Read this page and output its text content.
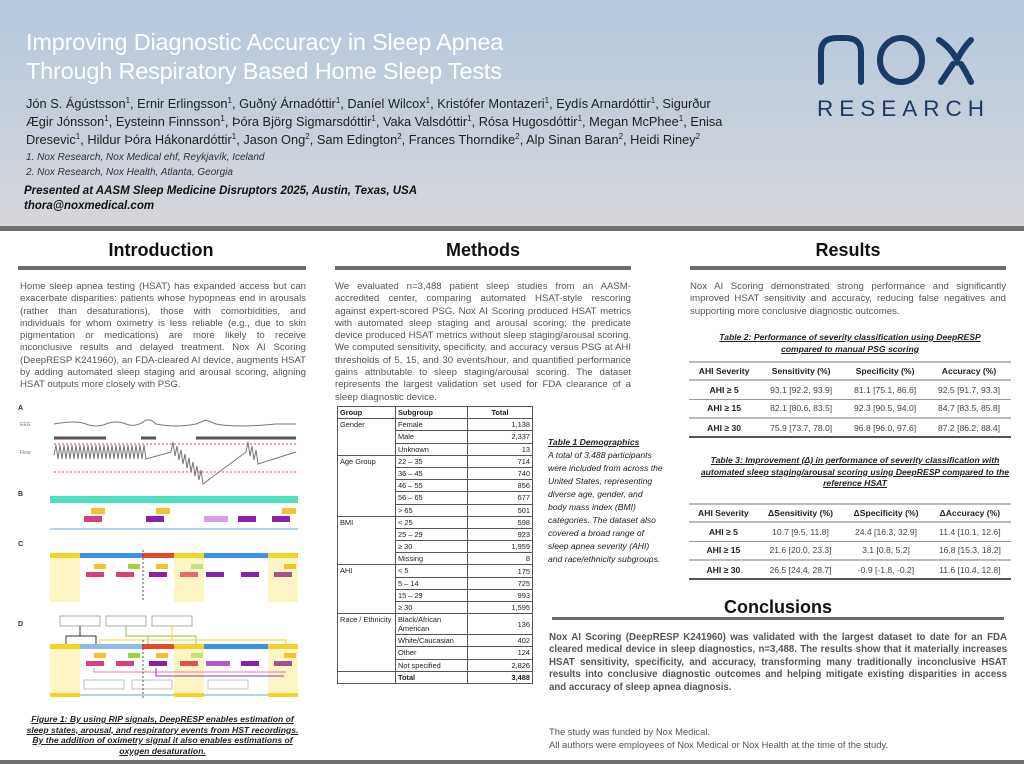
Improving Diagnostic Accuracy in Sleep Apnea
Through Respiratory Based Home Sleep Tests
Jón S. Ágústsson$^1$, Ernir Erlingsson$^1$, Guðný Árnadóttir$^1$, Daníel Wilcox$^1$, Kristófer Montazeri$^1$, Eydís Arnardóttir$^1$, Sigurður
Ægir Jónsson$^1$, Eysteinn Finnsson$^1$, Þóra Björg Sigmarsdóttir$^1$, Vaka Valsdóttir$^1$, Rósa Hugosdóttir$^1$, Megan McPhee$^1$, Enisa
Dresevic$^1$, Hildur Þóra Hákonardóttir$^1$, Jason Ong$^2$, Sam Edington$^2$, Frances Thorndike$^2$, Alp Sinan Baran$^2$, Heidi Riney$^2$
1. Nox Research, Nox Medical ehf, Reykjavík, Iceland
2. Nox Research, Nox Health, Atlanta, Georgia
Presented at AASM Sleep Medicine Disruptors 2025, Austin, Texas, USA
thora@noxmedical.com
RESEARCH
Introduction

Home sleep apnea testing (HSAT) has expanded access but can exacerbate disparities: patients whose hypopneas end in arousals (rather than desaturations), those with comorbidities, and individuals for whom oximetry is less reliable (e.g., due to skin pigmentation or medications) are more likely to receive inconclusive results and delayed treatment. Nox AI Scoring (DeepRESP K241960), an FDA-cleared AI device, augments HSAT by adding automated sleep staging and arousal scoring, aligning HSAT outputs more closely with PSG.

A
EEG
Flow
B
C
D
Figure 1: By using RIP signals, DeepRESP enables estimation of sleep states, arousal, and respiratory events from HST recordings. By the addition of oximetry signal it also enables estimations of oxygen desaturation.
Methods

We evaluated n=3,488 patient sleep studies from an AASM-accredited center, comparing automated HSAT-style rescoring against expert-scored PSG. Nox AI Scoring produced HSAT metrics with automated sleep staging and arousal scoring; the predicate device produced HSAT metrics without sleep staging/arousal scoring. We computed sensitivity, specificity, and accuracy versus PSG at AHI thresholds of 5, 15, and 30 events/hour, and quantified performance gains attributable to sleep staging/arousal scoring. The dataset represents the largest validation set used for FDA clearance of a sleep diagnostic device.

Group	Subgroup	Total
Gender	Female	1,138
	Male	2,337
	Unknown	13
Age Group	22 – 35	714
	36 – 45	740
	46 – 55	856
	56 – 65	677
	> 65	501
BMI	< 25	598
	25 – 29	923
	≥ 30	1,959
	Missing	8
AHI	< 5	175
	5 – 14	725
	15 – 29	993
	≥ 30	1,595
Race / Ethnicity	Black/African American	136
	White/Caucasian	402
	Other	124
	Not specified	2,826
	Total	3,488
Table 1 Demographics
A total of 3,488 participants were included from across the United States, representing diverse age, gender, and body mass index (BMI) categories. The dataset also covered a broad range of sleep apnea severity (AHI) and race/ethnicity subgroups.
Results

Nox AI Scoring demonstrated strong performance and significantly improved HSAT sensitivity and accuracy, reducing false negatives and supporting more conclusive diagnostic outcomes.

Table 2: Performance of severity classification using DeepRESP compared to manual PSG scoring
AHI Severity	Sensitivity (%)	Specificity (%)	Accuracy (%)
AHI ≥ 5	93.1 [92.2, 93.9]	81.1 [75.1, 86.6]	92.5 [91.7, 93.3]
AHI ≥ 15	82.1 [80.6, 83.5]	92.3 [90.5, 94.0]	84.7 [83.5, 85.8]
AHI ≥ 30	75.9 [73.7, 78.0]	96.8 [96.0, 97.6]	87.2 [86.2, 88.4]
Table 3: Improvement (Δ) in performance of severity classification with automated sleep staging/arousal scoring using DeepRESP compared to the reference HSAT
AHI Severity	ΔSensitivity (%)	ΔSpecificity (%)	ΔAccuracy (%)
AHI ≥ 5	10.7 [9.5, 11.8]	24.4 [16.3, 32.9]	11.4 [10.1, 12.6]
AHI ≥ 15	21.6 [20.0, 23.3]	3.1 [0.8, 5.2]	16.8 [15.3, 18.2]
AHI ≥ 30	26.5 [24.4, 28.7]	-0.9 [-1.8, -0.2]	11.6 [10.4, 12.8]
Conclusions

Nox AI Scoring (DeepRESP K241960) was validated with the largest dataset to date for an FDA cleared medical device in sleep diagnostics, n=3,488. The results show that it materially increases HSAT sensitivity, specificity, and accuracy, transforming many traditionally inconclusive HSAT results into conclusive diagnostic outcomes and helping mitigate existing disparities in access and accuracy of sleep apnea diagnosis.

The study was funded by Nox Medical.
All authors were employees of Nox Medical or Nox Health at the time of the study.
